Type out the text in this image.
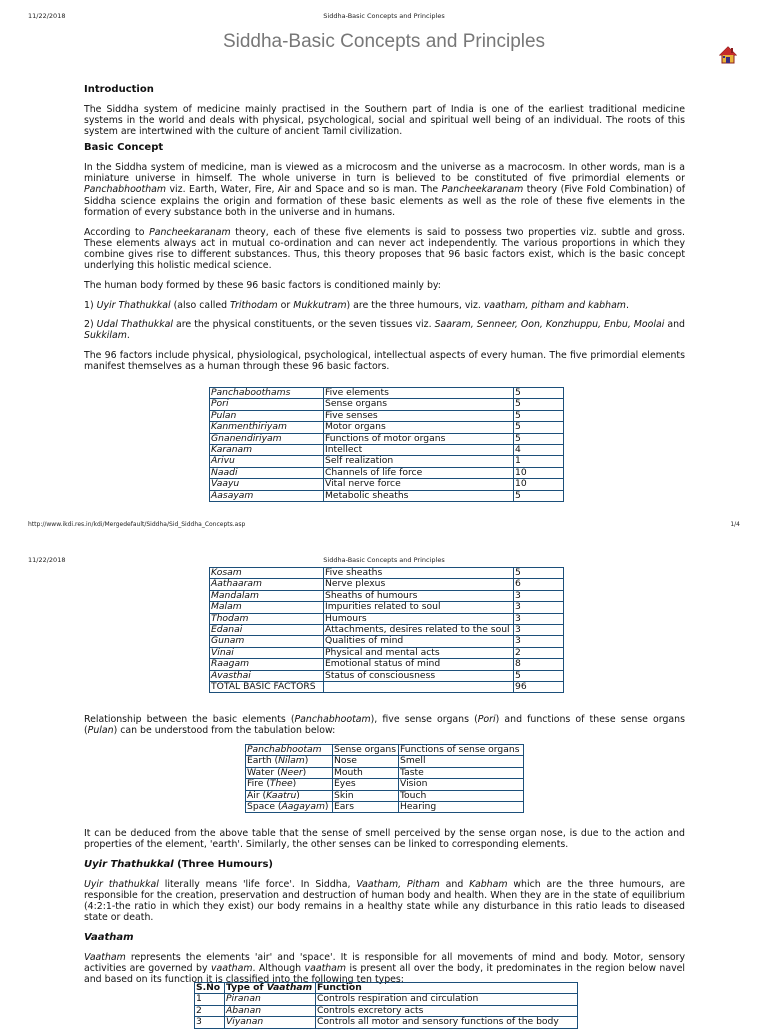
11/22/2018	Siddha-Basic Concepts and Principles
Siddha-Basic Concepts and Principles
Introduction

The Siddha system of medicine mainly practised in the Southern part of India is one of the earliest traditional medicine systems in the world and deals with physical, psychological, social and spiritual well being of an individual. The roots of this system are intertwined with the culture of ancient Tamil civilization.

Basic Concept

In the Siddha system of medicine, man is viewed as a microcosm and the universe as a macrocosm. In other words, man is a miniature universe in himself. The whole universe in turn is believed to be constituted of five primordial elements or Panchabhootham viz. Earth, Water, Fire, Air and Space and so is man. The Pancheekaranam theory (Five Fold Combination) of Siddha science explains the origin and formation of these basic elements as well as the role of these five elements in the formation of every substance both in the universe and in humans.

According to Pancheekaranam theory, each of these five elements is said to possess two properties viz. subtle and gross. These elements always act in mutual co-ordination and can never act independently. The various proportions in which they combine gives rise to different substances. Thus, this theory proposes that 96 basic factors exist, which is the basic concept underlying this holistic medical science.

The human body formed by these 96 basic factors is conditioned mainly by:

1) Uyir Thathukkal (also called Trithodam or Mukkutram) are the three humours, viz. vaatham, pitham and kabham.

2) Udal Thathukkal are the physical constituents, or the seven tissues viz. Saaram, Senneer, Oon, Konzhuppu, Enbu, Moolai and Sukkilam.

The 96 factors include physical, physiological, psychological, intellectual aspects of every human. The five primordial elements manifest themselves as a human through these 96 basic factors.

Panchaboothams	Five elements	5
Pori	Sense organs	5
Pulan	Five senses	5
Kanmenthiriyam	Motor organs	5
Gnanendiriyam	Functions of motor organs	5
Karanam	Intellect	4
Arivu	Self realization	1
Naadi	Channels of life force	10
Vaayu	Vital nerve force	10
Aasayam	Metabolic sheaths	5
http://www.ikdi.res.in/kdi/Mergedefault/Siddha/Sid_Siddha_Concepts.asp	1/4
11/22/2018	Siddha-Basic Concepts and Principles
Kosam	Five sheaths	5
Aathaaram	Nerve plexus	6
Mandalam	Sheaths of humours	3
Malam	Impurities related to soul	3
Thodam	Humours	3
Edanai	Attachments, desires related to the soul	3
Gunam	Qualities of mind	3
Vinai	Physical and mental acts	2
Raagam	Emotional status of mind	8
Avasthai	Status of consciousness	5
TOTAL BASIC FACTORS		96

Relationship between the basic elements (Panchabhootam), five sense organs (Pori) and functions of these sense organs (Pulan) can be understood from the tabulation below:

Panchabhootam	Sense organs	Functions of sense organs
Earth (Nilam)	Nose	Smell
Water (Neer)	Mouth	Taste
Fire (Thee)	Eyes	Vision
Air (Kaatru)	Skin	Touch
Space (Aagayam)	Ears	Hearing

It can be deduced from the above table that the sense of smell perceived by the sense organ nose, is due to the action and properties of the element, 'earth'. Similarly, the other senses can be linked to corresponding elements.

Uyir Thathukkal (Three Humours)

Uyir thathukkal literally means 'life force'. In Siddha, Vaatham, Pitham and Kabham which are the three humours, are responsible for the creation, preservation and destruction of human body and health. When they are in the state of equilibrium (4:2:1-the ratio in which they exist) our body remains in a healthy state while any disturbance in this ratio leads to diseased state or death.

Vaatham

Vaatham represents the elements 'air' and 'space'. It is responsible for all movements of mind and body. Motor, sensory activities are governed by vaatham. Although vaatham is present all over the body, it predominates in the region below navel and based on its function it is classified into the following ten types:

S.No	Type of Vaatham	Function
1	Piranan	Controls respiration and circulation
2	Abanan	Controls excretory acts
3	Viyanan	Controls all motor and sensory functions of the body
